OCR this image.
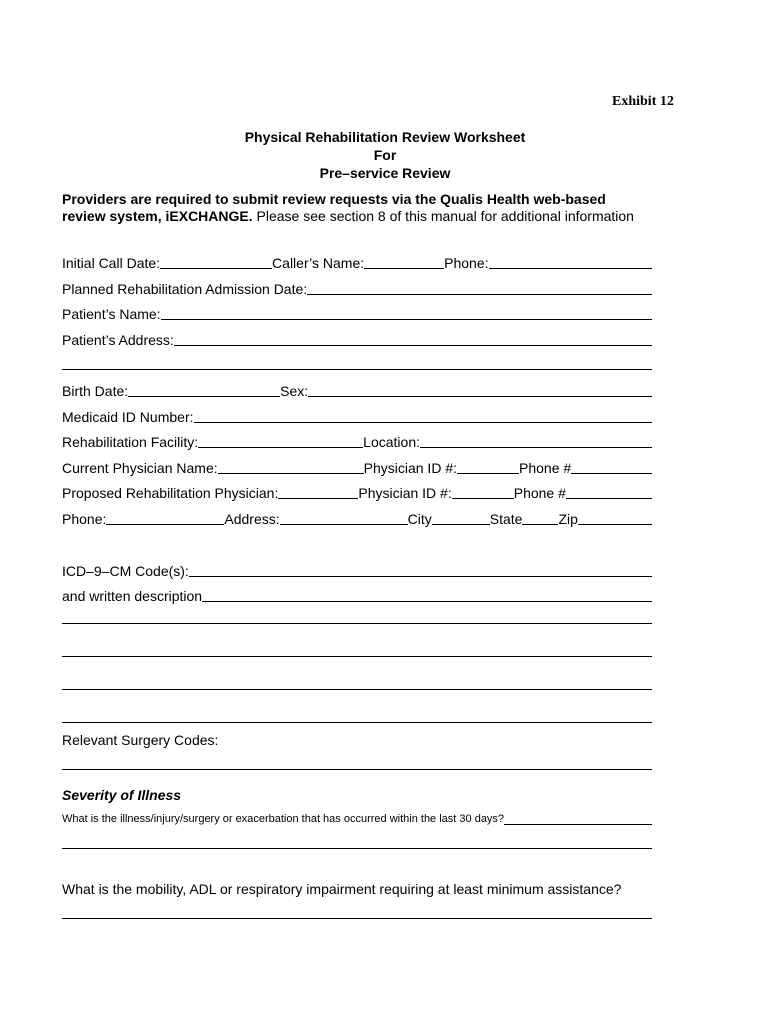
Exhibit 12
Physical Rehabilitation Review Worksheet
For
Pre–service Review
Providers are required to submit review requests via the Qualis Health web-based
review system, iEXCHANGE. Please see section 8 of this manual for additional information
Initial Call Date:	Caller’s Name:	Phone:
Planned Rehabilitation Admission Date:
Patient’s Name:
Patient’s Address:
Birth Date:	Sex:
Medicaid ID Number:
Rehabilitation Facility:	Location:
Current Physician Name:	Physician ID #:	Phone #
Proposed Rehabilitation Physician:	Physician ID #:	Phone #
Phone:	Address:	City	State	Zip
ICD–9–CM Code(s):
and written description
Relevant Surgery Codes:
Severity of Illness
What is the illness/injury/surgery or exacerbation that has occurred within the last 30 days?
What is the mobility, ADL or respiratory impairment requiring at least minimum assistance?
